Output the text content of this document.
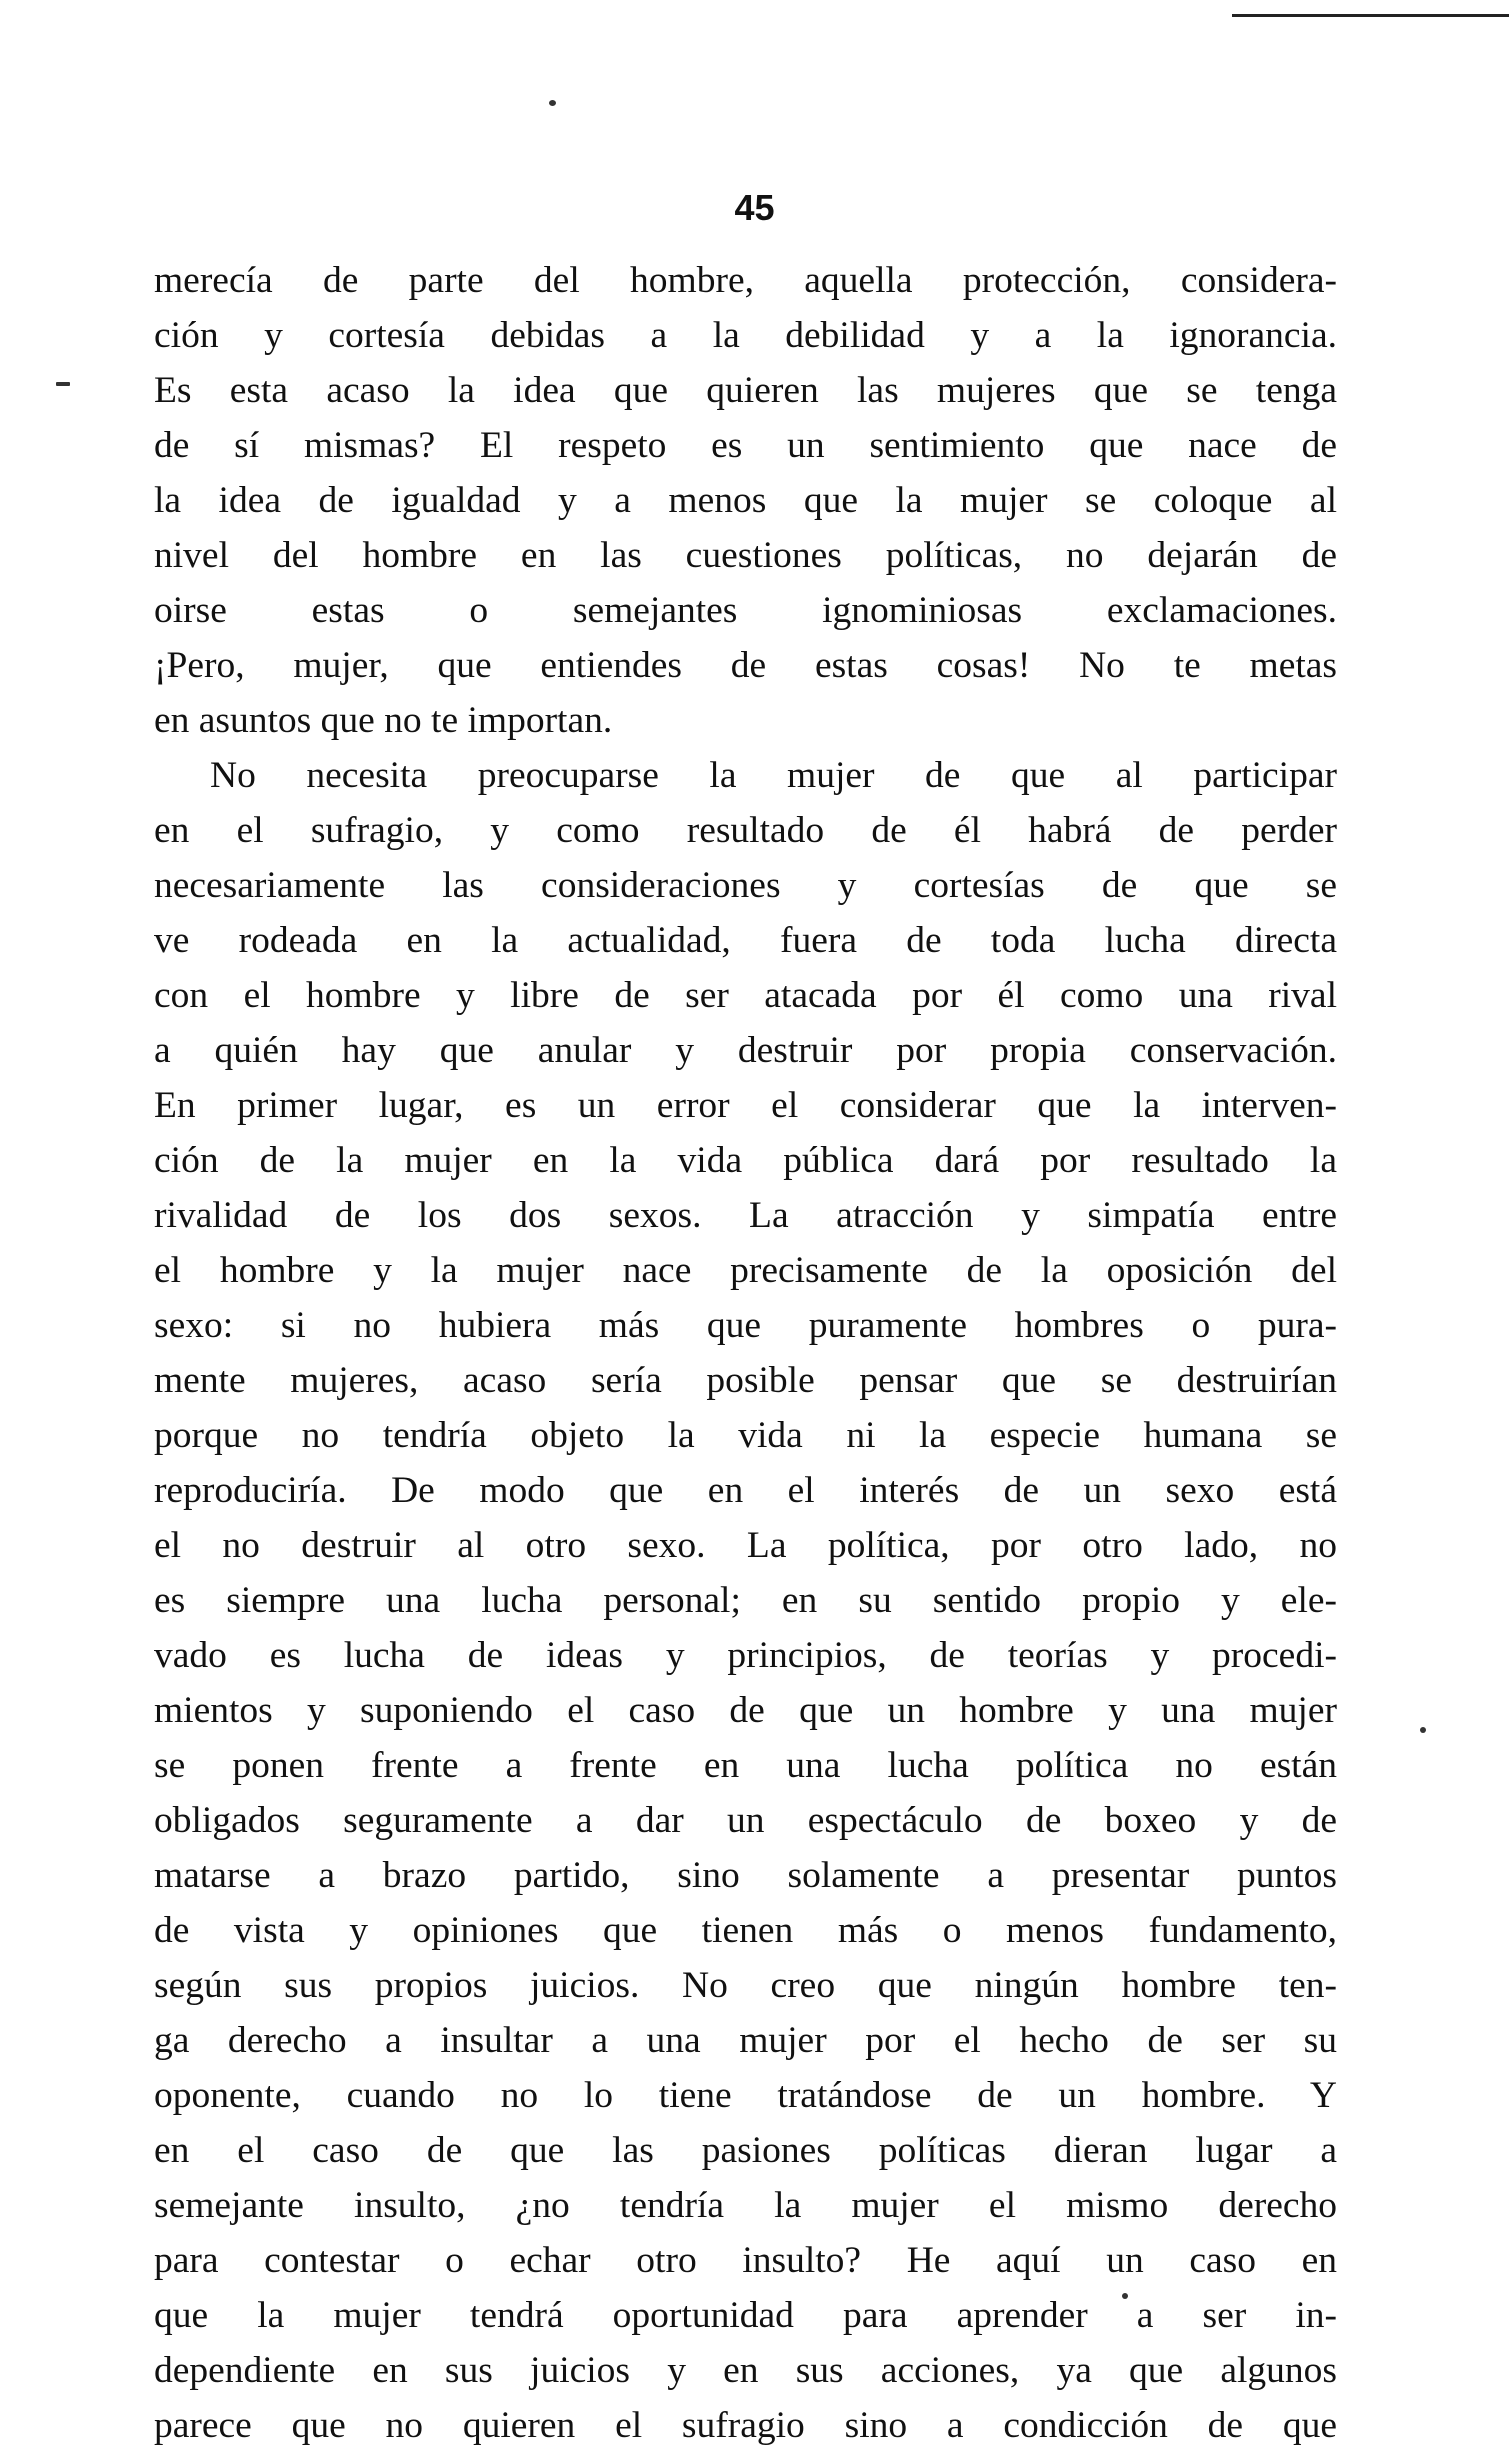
45
merecía de parte del hombre, aquella protección, considera-
ción y cortesía debidas a la debilidad y a la ignorancia.
Es esta acaso la idea que quieren las mujeres que se tenga
de sí mismas? El respeto es un sentimiento que nace de
la idea de igualdad y a menos que la mujer se coloque al
nivel del hombre en las cuestiones políticas, no dejarán de
oirse estas o semejantes ignominiosas exclamaciones.
¡Pero, mujer, que entiendes de estas cosas! No te metas
en asuntos que no te importan.
No necesita preocuparse la mujer de que al participar
en el sufragio, y como resultado de él habrá de perder
necesariamente las consideraciones y cortesías de que se
ve rodeada en la actualidad, fuera de toda lucha directa
con el hombre y libre de ser atacada por él como una rival
a quién hay que anular y destruir por propia conservación.
En primer lugar, es un error el considerar que la interven-
ción de la mujer en la vida pública dará por resultado la
rivalidad de los dos sexos. La atracción y simpatía entre
el hombre y la mujer nace precisamente de la oposición del
sexo: si no hubiera más que puramente hombres o pura-
mente mujeres, acaso sería posible pensar que se destruirían
porque no tendría objeto la vida ni la especie humana se
reproduciría. De modo que en el interés de un sexo está
el no destruir al otro sexo. La política, por otro lado, no
es siempre una lucha personal; en su sentido propio y ele-
vado es lucha de ideas y principios, de teorías y procedi-
mientos y suponiendo el caso de que un hombre y una mujer
se ponen frente a frente en una lucha política no están
obligados seguramente a dar un espectáculo de boxeo y de
matarse a brazo partido, sino solamente a presentar puntos
de vista y opiniones que tienen más o menos fundamento,
según sus propios juicios. No creo que ningún hombre ten-
ga derecho a insultar a una mujer por el hecho de ser su
oponente, cuando no lo tiene tratándose de un hombre. Y
en el caso de que las pasiones políticas dieran lugar a
semejante insulto, ¿no tendría la mujer el mismo derecho
para contestar o echar otro insulto? He aquí un caso en
que la mujer tendrá oportunidad para aprender a ser in-
dependiente en sus juicios y en sus acciones, ya que algunos
parece que no quieren el sufragio sino a condicción de que
